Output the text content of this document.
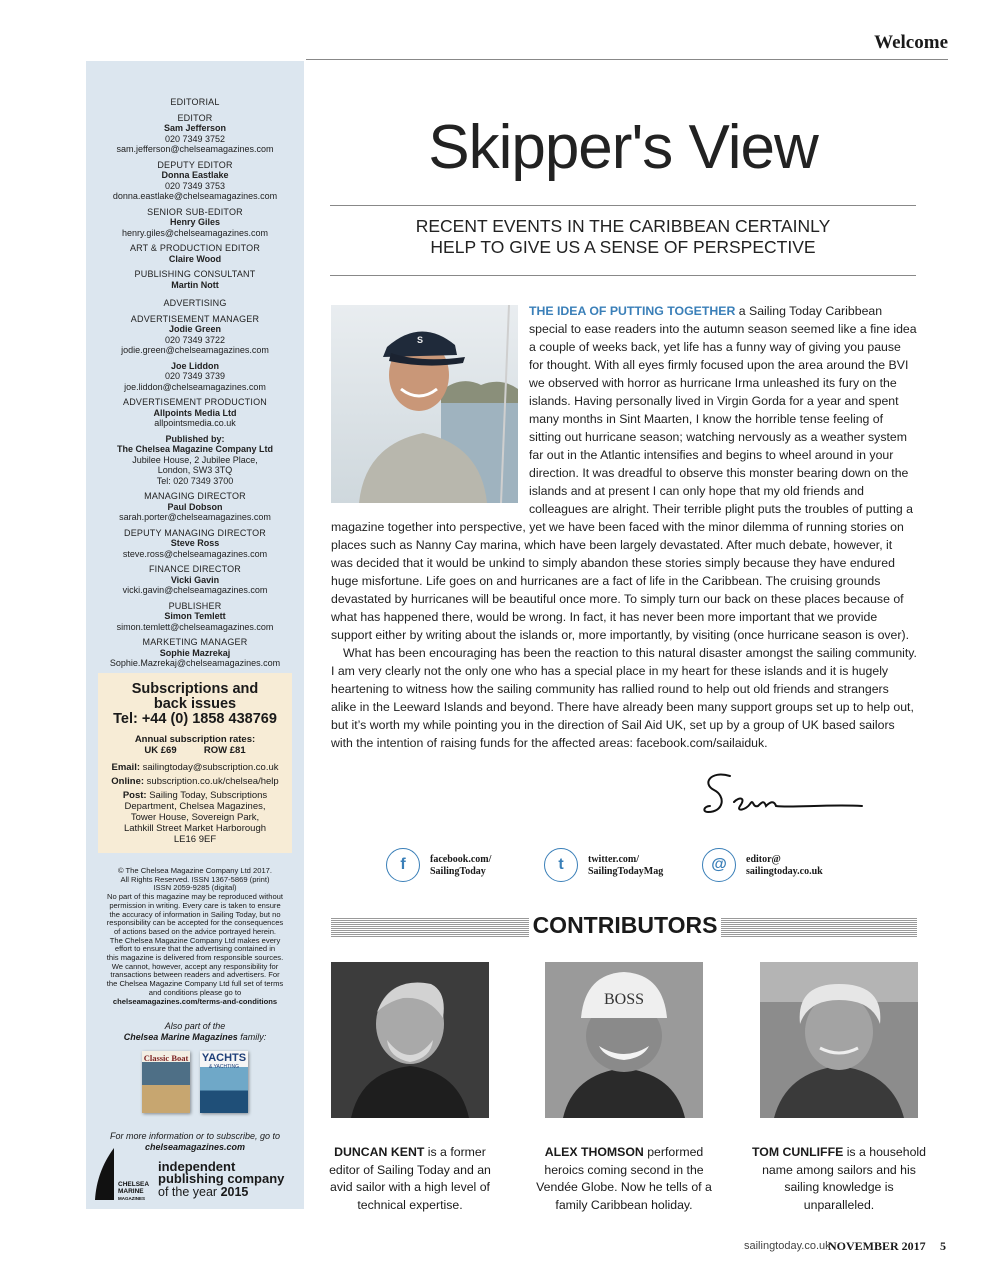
Welcome
EDITORIAL
EDITOR
Sam Jefferson
020 7349 3752
sam.jefferson@chelseamagazines.com
DEPUTY EDITOR
Donna Eastlake
020 7349 3753
donna.eastlake@chelseamagazines.com
SENIOR SUB-EDITOR
Henry Giles
henry.giles@chelseamagazines.com
ART & PRODUCTION EDITOR
Claire Wood
PUBLISHING CONSULTANT
Martin Nott
ADVERTISING
ADVERTISEMENT MANAGER
Jodie Green
020 7349 3722
jodie.green@chelseamagazines.com
Joe Liddon
020 7349 3739
joe.liddon@chelseamagazines.com
ADVERTISEMENT PRODUCTION
Allpoints Media Ltd
allpointsmedia.co.uk
Published by:
The Chelsea Magazine Company Ltd
Jubilee House, 2 Jubilee Place,
London, SW3 3TQ
Tel: 020 7349 3700
MANAGING DIRECTOR
Paul Dobson
sarah.porter@chelseamagazines.com
DEPUTY MANAGING DIRECTOR
Steve Ross
steve.ross@chelseamagazines.com
FINANCE DIRECTOR
Vicki Gavin
vicki.gavin@chelseamagazines.com
PUBLISHER
Simon Temlett
simon.temlett@chelseamagazines.com
MARKETING MANAGER
Sophie Mazrekaj
Sophie.Mazrekaj@chelseamagazines.com
Subscriptions and
back issues
Tel: +44 (0) 1858 438769
Annual subscription rates:
UK £69	ROW £81
Email: sailingtoday@subscription.co.uk
Online: subscription.co.uk/chelsea/help
Post: Sailing Today, Subscriptions
Department, Chelsea Magazines,
Tower House, Sovereign Park,
Lathkill Street Market Harborough
LE16 9EF
© The Chelsea Magazine Company Ltd 2017.
All Rights Reserved. ISSN 1367-5869 (print)
ISSN 2059-9285 (digital)
No part of this magazine may be reproduced without
permission in writing. Every care is taken to ensure
the accuracy of information in Sailing Today, but no
responsibility can be accepted for the consequences
of actions based on the advice portrayed herein.
The Chelsea Magazine Company Ltd makes every
effort to ensure that the advertising contained in
this magazine is delivered from responsible sources.
We cannot, however, accept any responsibility for
transactions between readers and advertisers. For
the Chelsea Magazine Company Ltd full set of terms
and conditions please go to
chelseamagazines.com/terms-and-conditions
Also part of the
Chelsea Marine Magazines family:
Classic Boat YACHTS
& YACHTING
For more information or to subscribe, go to
chelseamagazines.com
CHELSEA
MARINE
MAGAZINES
independent
publishing company
of the year 2015
Skipper's View
RECENT EVENTS IN THE CARIBBEAN CERTAINLY
HELP TO GIVE US A SENSE OF PERSPECTIVE

THE IDEA OF PUTTING TOGETHER a Sailing Today Caribbean special to ease readers into the autumn season seemed like a fine idea a couple of weeks back, yet life has a funny way of giving you pause for thought. With all eyes firmly focused upon the area around the BVI we observed with horror as hurricane Irma unleashed its fury on the islands. Having personally lived in Virgin Gorda for a year and spent many months in Sint Maarten, I know the horrible tense feeling of sitting out hurricane season; watching nervously as a weather system far out in the Atlantic intensifies and begins to wheel around in your direction. It was dreadful to observe this monster bearing down on the islands and at present I can only hope that my old friends and colleagues are alright. Their terrible plight puts the troubles of putting a magazine together into perspective, yet we have been faced with the minor dilemma of running stories on places such as Nanny Cay marina, which have been largely devastated. After much debate, however, it was decided that it would be unkind to simply abandon these stories simply because they have endured huge misfortune. Life goes on and hurricanes are a fact of life in the Caribbean. The cruising grounds devastated by hurricanes will be beautiful once more. To simply turn our back on these places because of what has happened there, would be wrong. In fact, it has never been more important that we provide support either by writing about the islands or, more importantly, by visiting (once hurricane season is over).

What has been encouraging has been the reaction to this natural disaster amongst the sailing community. I am very clearly not the only one who has a special place in my heart for these islands and it is hugely heartening to witness how the sailing community has rallied round to help out old friends and strangers alike in the Leeward Islands and beyond. There have already been many support groups set up to help out, but it’s worth my while pointing you in the direction of Sail Aid UK, set up by a group of UK based sailors with the intention of raising funds for the affected areas: facebook.com/sailaiduk.

S
f	facebook.com/
SailingToday	t	twitter.com/
SailingTodayMag	@	editor@
sailingtoday.co.uk
CONTRIBUTORS
BOSS
DUNCAN KENT is a former editor of Sailing Today and an avid sailor with a high level of technical expertise.
ALEX THOMSON performed heroics coming second in the Vendée Globe. Now he tells of a family Caribbean holiday.
TOM CUNLIFFE is a household name among sailors and his sailing knowledge is unparalleled.
sailingtoday.co.uk
NOVEMBER 2017 5
